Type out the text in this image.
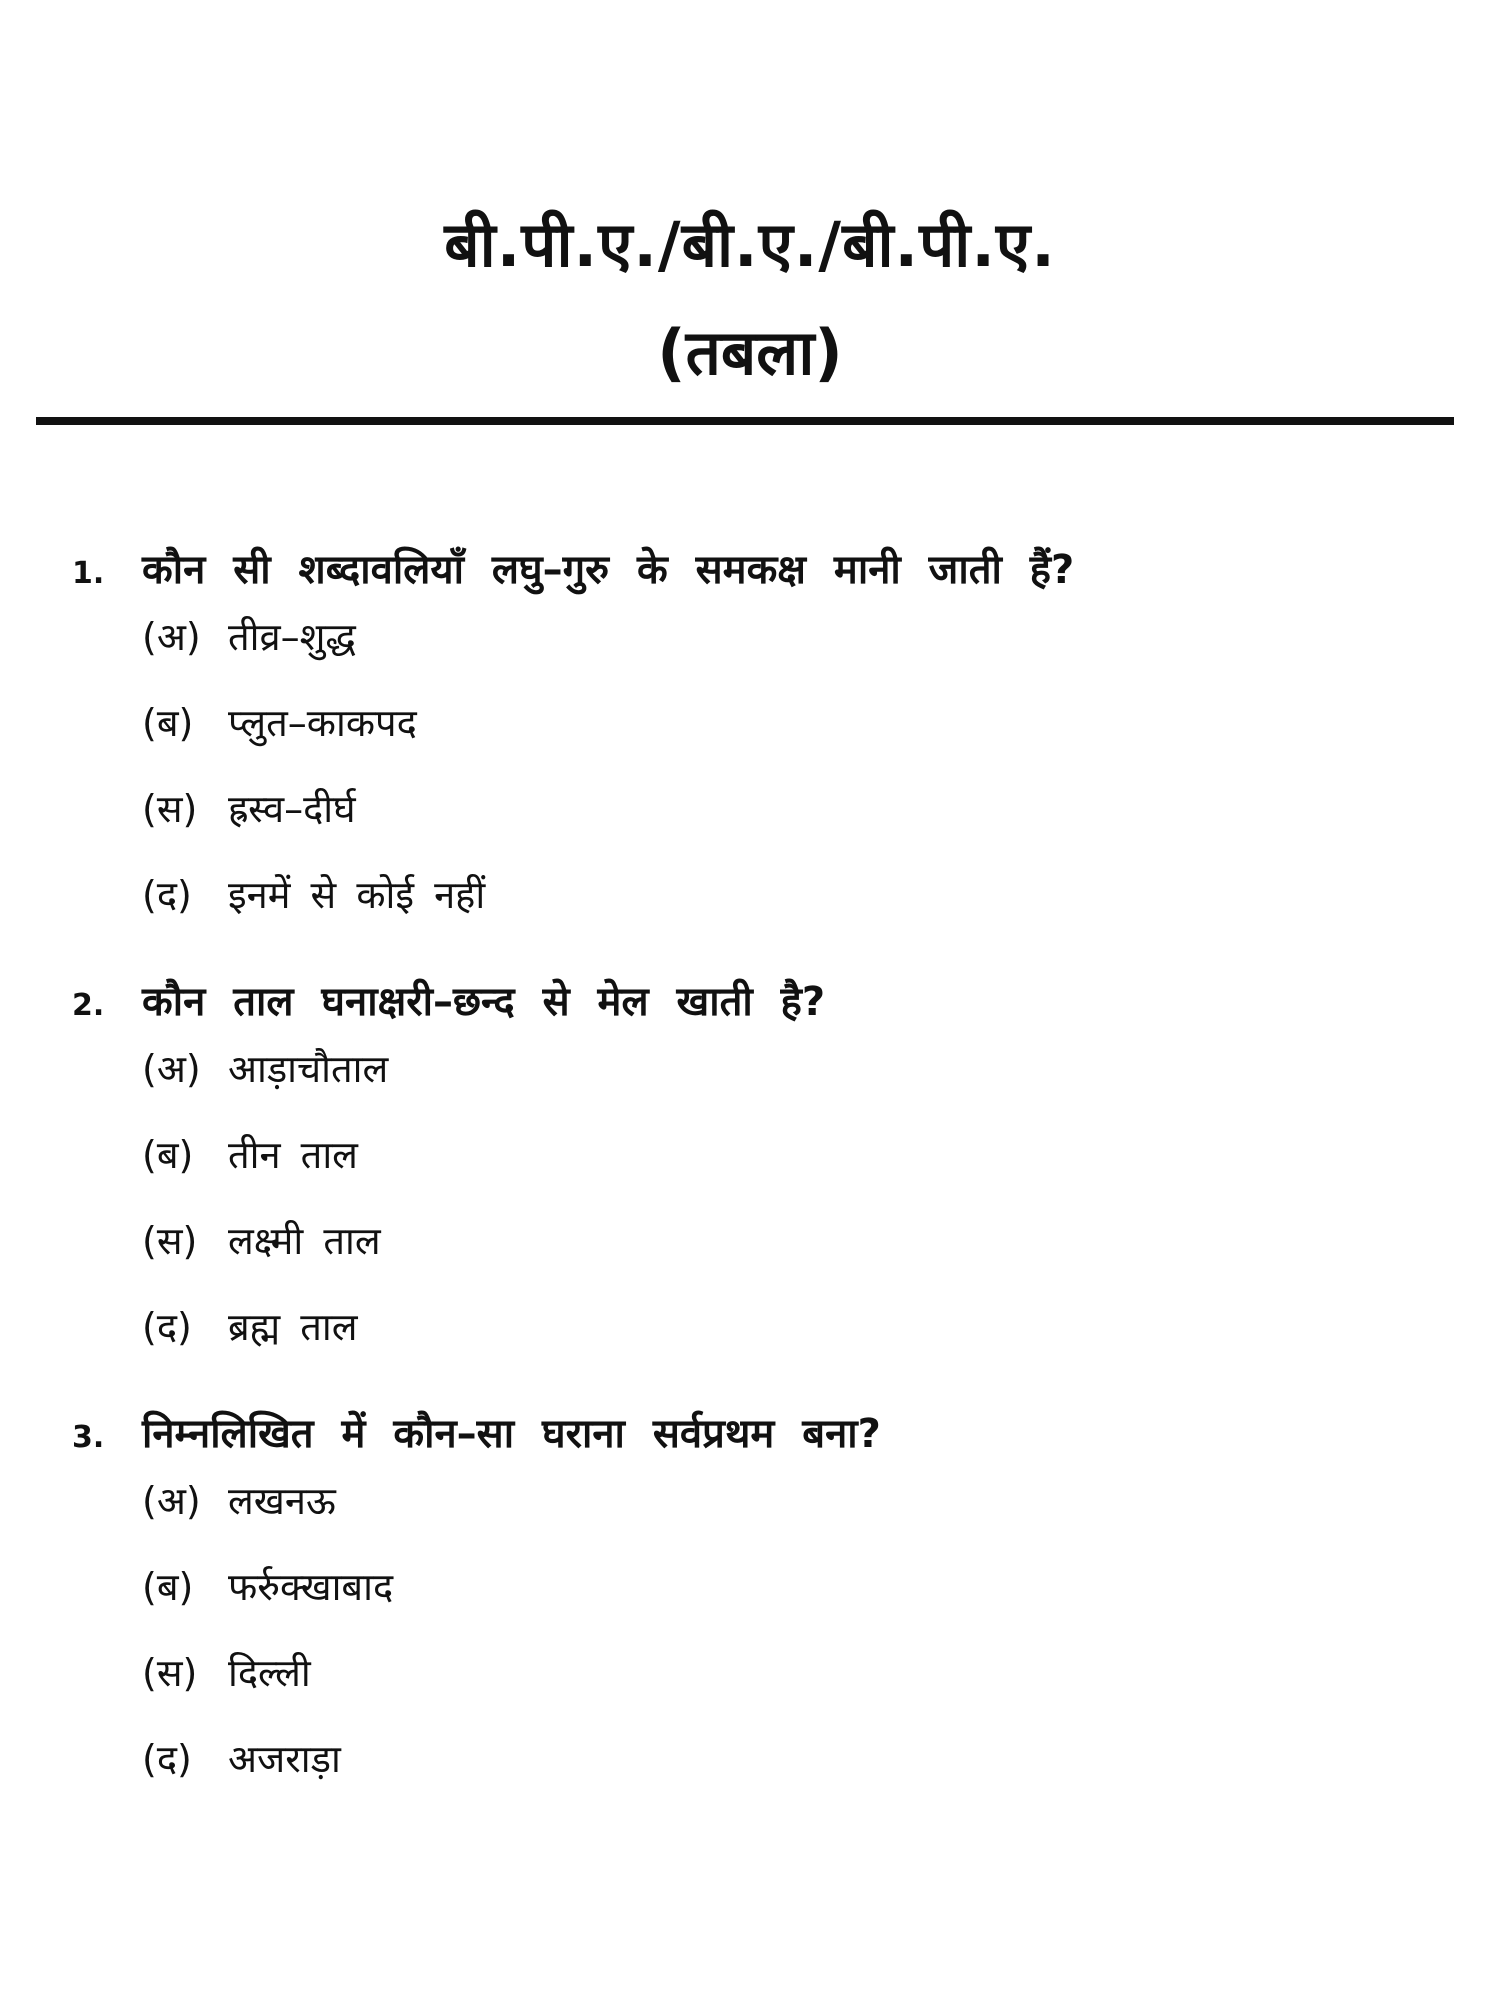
बी.पी.ए./बी.ए./बी.पी.ए.
(तबला)
1. कौन सी शब्दावलियाँ लघु–गुरु के समकक्ष मानी जाती हैं?
(अ) तीव्र–शुद्ध
(ब) प्लुत–काकपद
(स) ह्रस्व–दीर्घ
(द) इनमें से कोई नहीं
2. कौन ताल घनाक्षरी–छन्द से मेल खाती है?
(अ) आड़ाचौताल
(ब) तीन ताल
(स) लक्ष्मी ताल
(द) ब्रह्म ताल
3. निम्नलिखित में कौन–सा घराना सर्वप्रथम बना?
(अ) लखनऊ
(ब) फर्रुक्खाबाद
(स) दिल्ली
(द) अजराड़ा
